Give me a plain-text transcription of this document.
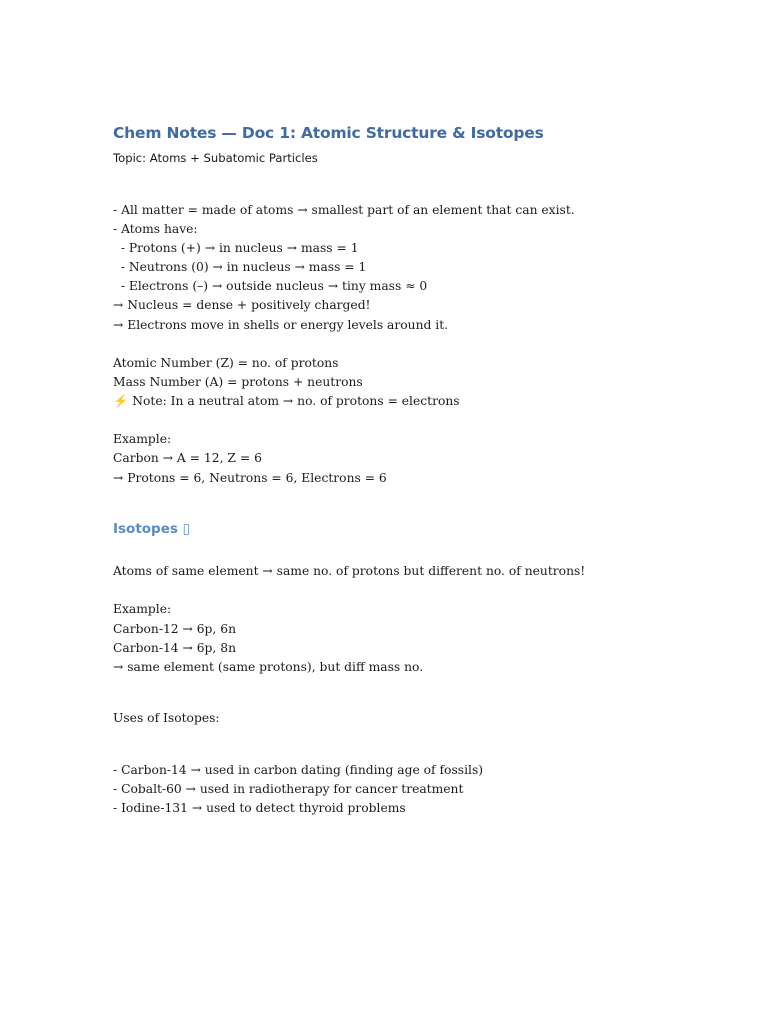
Chem Notes — Doc 1: Atomic Structure & Isotopes

Topic: Atoms + Subatomic Particles

- All matter = made of atoms → smallest part of an element that can exist.

- Atoms have:

- Protons (+) → in nucleus → mass = 1

- Neutrons (0) → in nucleus → mass = 1

- Electrons (–) → outside nucleus → tiny mass ≈ 0

→ Nucleus = dense + positively charged!

→ Electrons move in shells or energy levels around it.

Atomic Number (Z) = no. of protons

Mass Number (A) = protons + neutrons

⚡ Note: In a neutral atom → no. of protons = electrons

Example:

Carbon → A = 12, Z = 6

→ Protons = 6, Neutrons = 6, Electrons = 6

Isotopes ▯

Atoms of same element → same no. of protons but different no. of neutrons!

Example:

Carbon-12 → 6p, 6n

Carbon-14 → 6p, 8n

→ same element (same protons), but diff mass no.

Uses of Isotopes:

- Carbon-14 → used in carbon dating (finding age of fossils)

- Cobalt-60 → used in radiotherapy for cancer treatment

- Iodine-131 → used to detect thyroid problems
